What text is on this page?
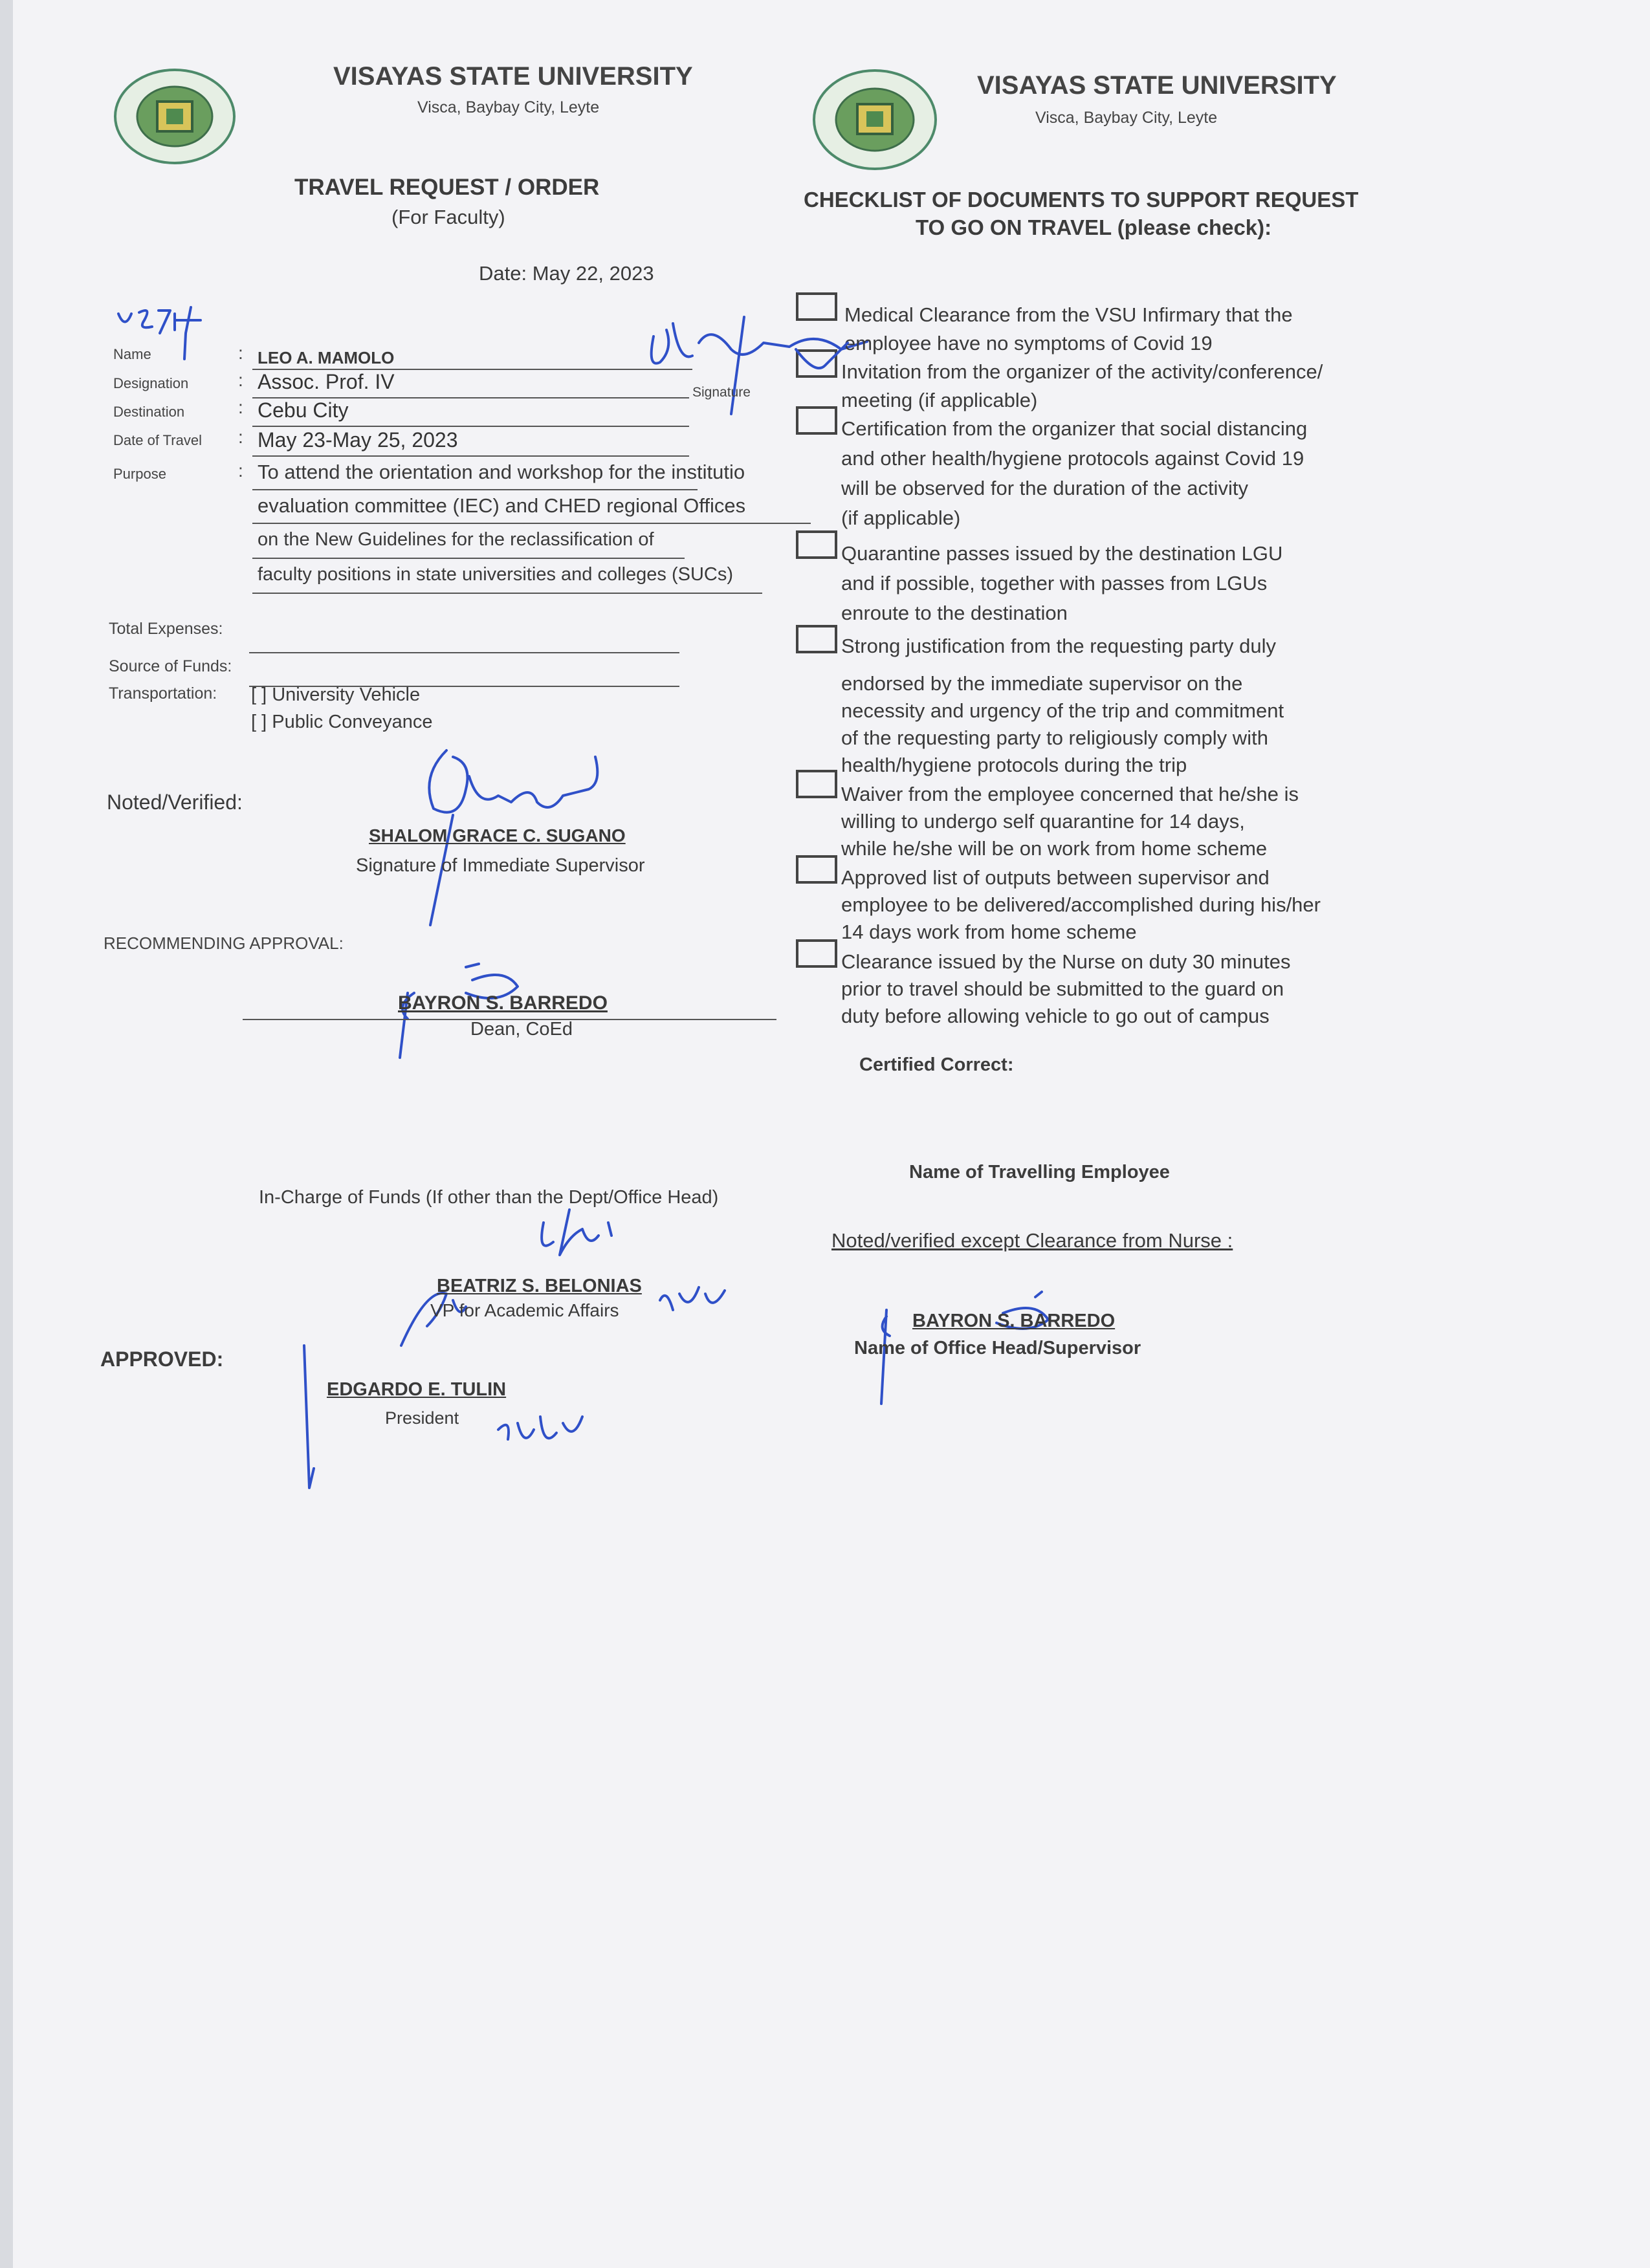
VISAYAS STATE UNIVERSITY
Visca, Baybay City, Leyte
TRAVEL REQUEST / ORDER
(For Faculty)
Date: May 22, 2023
Name	: LEO A. MAMOLO
Designation	: Assoc. Prof. IV
Destination	: Cebu City
Date of Travel : May 23-May 25, 2023
Purpose	: To attend the orientation and workshop for the institutio
evaluation committee (IEC) and CHED regional Offices
on the New Guidelines for the reclassification of
faculty positions in state universities and colleges (SUCs)
Signature
Total Expenses:
Source of Funds:
Transportation: [ ] University Vehicle
[ ] Public Conveyance
Noted/Verified:
SHALOM GRACE C. SUGANO
Signature of Immediate Supervisor
RECOMMENDING APPROVAL:
BAYRON S. BARREDO
Dean, CoEd
In-Charge of Funds (If other than the Dept/Office Head)
BEATRIZ S. BELONIAS
VP for Academic Affairs
APPROVED:
EDGARDO E. TULIN
President
VISAYAS STATE UNIVERSITY
Visca, Baybay City, Leyte
CHECKLIST OF DOCUMENTS TO SUPPORT REQUEST
TO GO ON TRAVEL (please check):
Medical Clearance from the VSU Infirmary that the
employee have no symptoms of Covid 19
Invitation from the organizer of the activity/conference/
meeting (if applicable)
Certification from the organizer that social distancing
and other health/hygiene protocols against Covid 19
will be observed for the duration of the activity
(if applicable)
Quarantine passes issued by the destination LGU
and if possible, together with passes from LGUs
enroute to the destination
Strong justification from the requesting party duly
endorsed by the immediate supervisor on the
necessity and urgency of the trip and commitment
of the requesting party to religiously comply with
health/hygiene protocols during the trip
Waiver from the employee concerned that he/she is
willing to undergo self quarantine for 14 days,
while he/she will be on work from home scheme
Approved list of outputs between supervisor and
employee to be delivered/accomplished during his/her
14 days work from home scheme
Clearance issued by the Nurse on duty 30 minutes
prior to travel should be submitted to the guard on
duty before allowing vehicle to go out of campus
Certified Correct:
Name of Travelling Employee
Noted/verified except Clearance from Nurse :
BAYRON S. BARREDO
Name of Office Head/Supervisor
